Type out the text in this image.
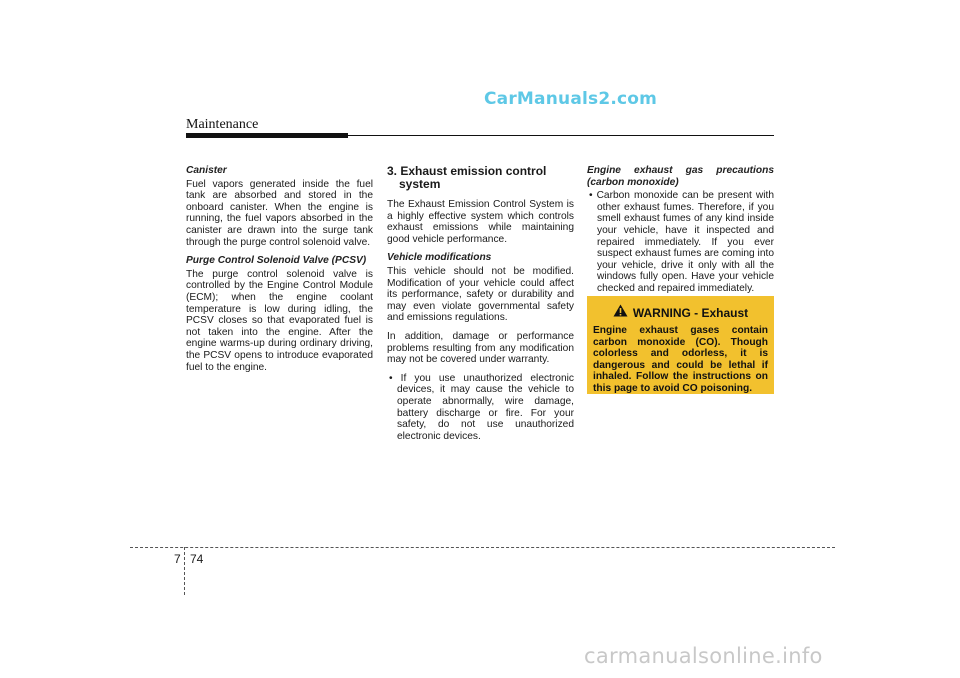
CarManuals2.com
Maintenance
Canister

Fuel vapors generated inside the fuel tank are absorbed and stored in the onboard canister. When the engine is running, the fuel vapors absorbed in the canister are drawn into the surge tank through the purge control solenoid valve.

Purge Control Solenoid Valve (PCSV)

The purge control solenoid valve is controlled by the Engine Control Module (ECM); when the engine coolant temperature is low during idling, the PCSV closes so that evaporated fuel is not taken into the engine. After the engine warms-up during ordinary driving, the PCSV opens to introduce evaporated fuel to the engine.

3. Exhaust emission control system

The Exhaust Emission Control System is a highly effective system which controls exhaust emissions while maintaining good vehicle performance.

Vehicle modifications

This vehicle should not be modified. Modification of your vehicle could affect its performance, safety or durability and may even violate governmental safety and emissions regulations.

In addition, damage or performance problems resulting from any modification may not be covered under warranty.

• If you use unauthorized electronic devices, it may cause the vehicle to operate abnormally, wire damage, battery discharge or fire. For your safety, do not use unauthorized electronic devices.
Engine exhaust gas precautions (carbon monoxide)
• Carbon monoxide can be present with other exhaust fumes. Therefore, if you smell exhaust fumes of any kind inside your vehicle, have it inspected and repaired immediately. If you ever suspect exhaust fumes are coming into your vehicle, drive it only with all the windows fully open. Have your vehicle checked and repaired immediately.
WARNING - Exhaust
Engine exhaust gases contain carbon monoxide (CO). Though colorless and odorless, it is dangerous and could be lethal if inhaled. Follow the instructions on this page to avoid CO poisoning.
7 74
carmanualsonline.info
